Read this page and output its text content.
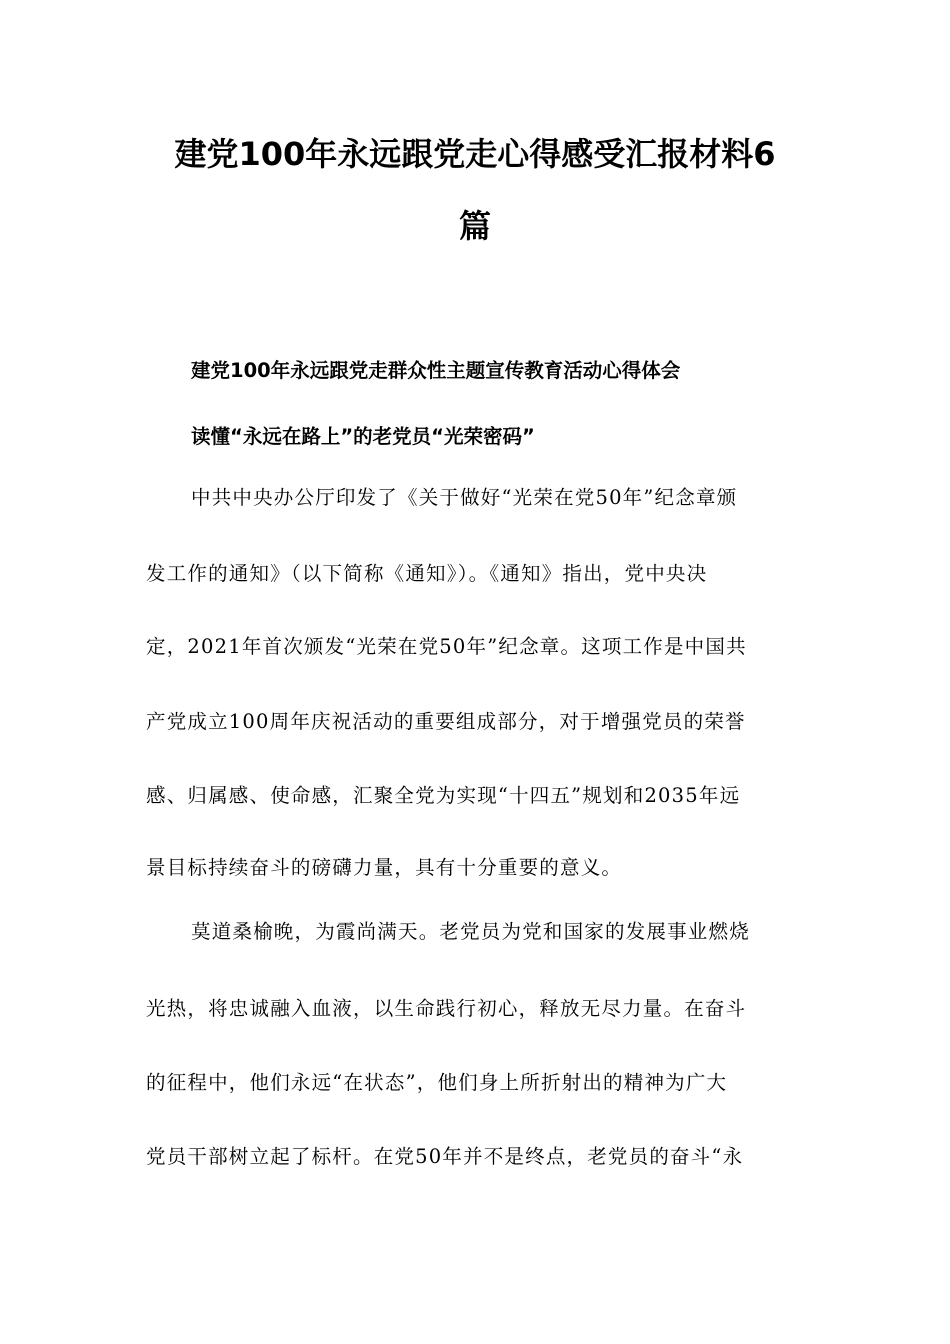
建党100年永远跟党走心得感受汇报材料6
篇
建党100年永远跟党走群众性主题宣传教育活动心得体会
读懂“永远在路上”的老党员“光荣密码”
中共中央办公厅印发了《关于做好“光荣在党50年”纪念章颁
发工作的通知》（以下简称《通知》）。《通知》指出，党中央决
定，2021年首次颁发“光荣在党50年”纪念章。这项工作是中国共
产党成立100周年庆祝活动的重要组成部分，对于增强党员的荣誉
感、归属感、使命感，汇聚全党为实现“十四五”规划和2035年远
景目标持续奋斗的磅礴力量，具有十分重要的意义。
莫道桑榆晚，为霞尚满天。老党员为党和国家的发展事业燃烧
光热，将忠诚融入血液，以生命践行初心，释放无尽力量。在奋斗
的征程中，他们永远“在状态”，他们身上所折射出的精神为广大
党员干部树立起了标杆。在党50年并不是终点，老党员的奋斗“永
